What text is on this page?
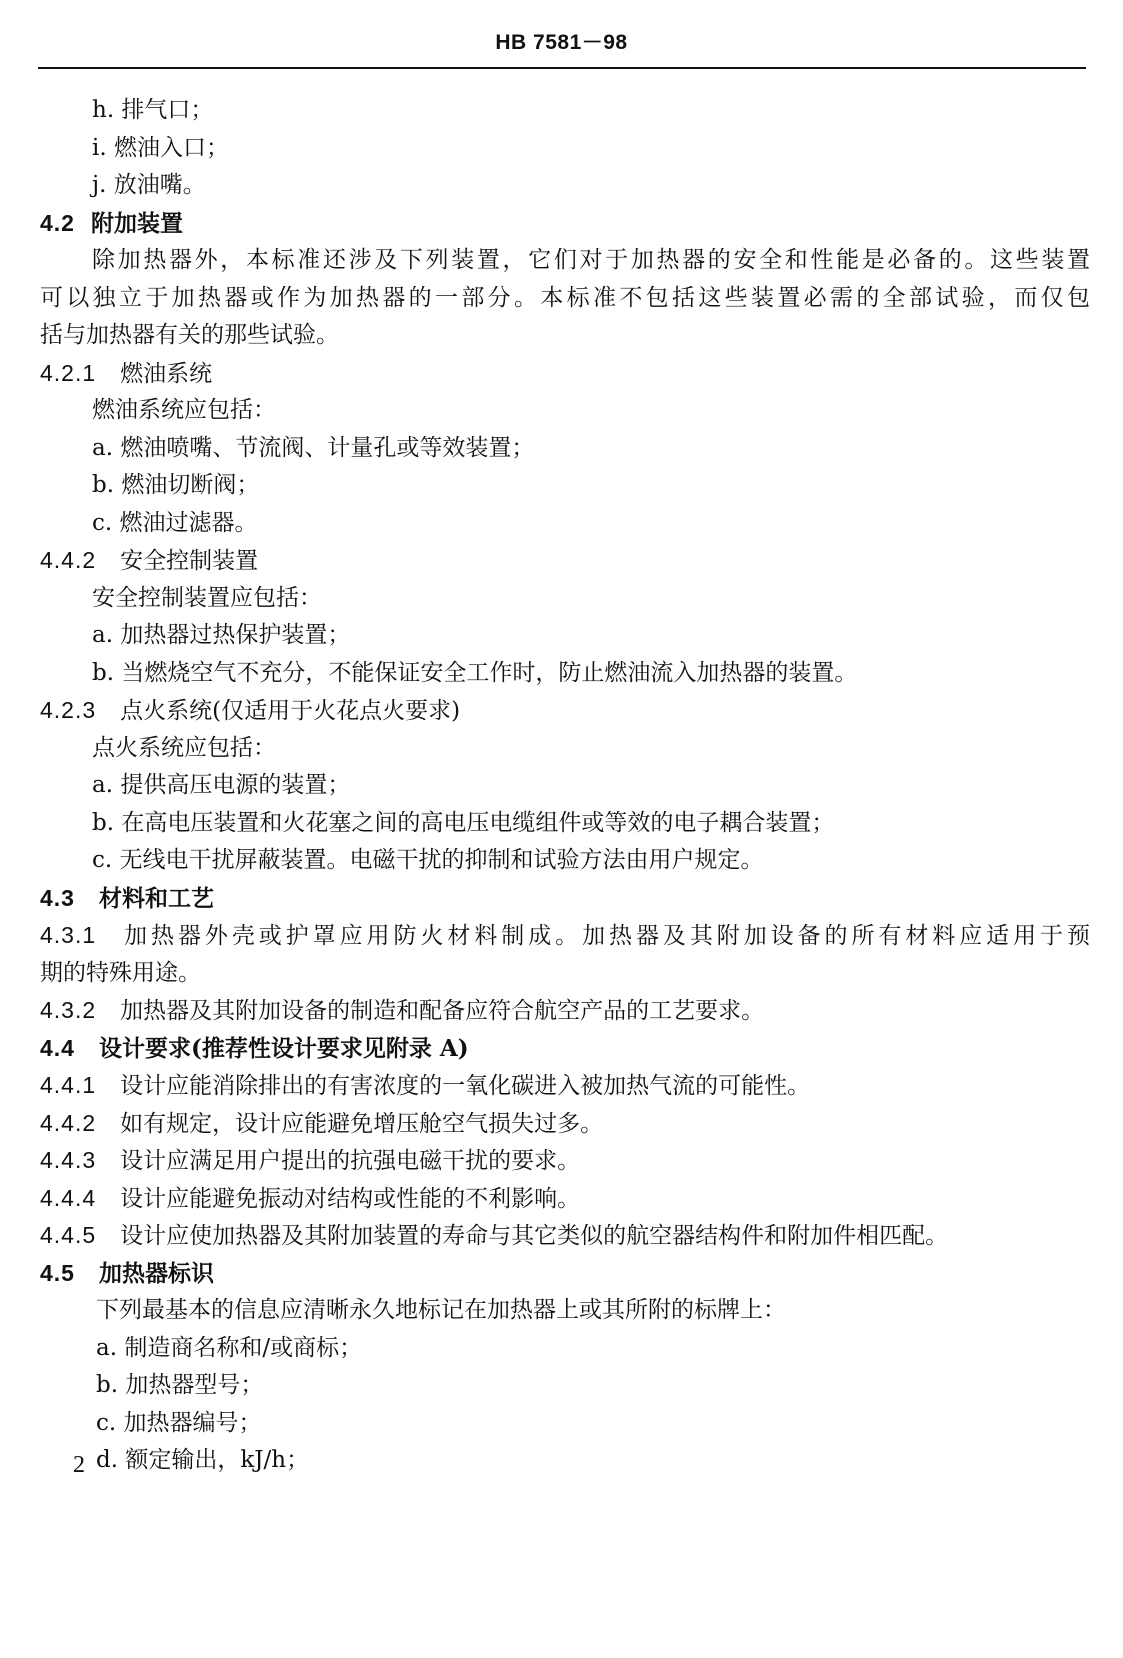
HB 7581－98
h. 排气口；
i. 燃油入口；
j. 放油嘴。
4.2 附加装置
除加热器外，本标准还涉及下列装置，它们对于加热器的安全和性能是必备的。这些装置
可以独立于加热器或作为加热器的一部分。本标准不包括这些装置必需的全部试验，而仅包
括与加热器有关的那些试验。
4.2.1 燃油系统
燃油系统应包括：
a. 燃油喷嘴、节流阀、计量孔或等效装置；
b. 燃油切断阀；
c. 燃油过滤器。
4.4.2 安全控制装置
安全控制装置应包括：
a. 加热器过热保护装置；
b. 当燃烧空气不充分，不能保证安全工作时，防止燃油流入加热器的装置。
4.2.3 点火系统(仅适用于火花点火要求)
点火系统应包括：
a. 提供高压电源的装置；
b. 在高电压装置和火花塞之间的高电压电缆组件或等效的电子耦合装置；
c. 无线电干扰屏蔽装置。电磁干扰的抑制和试验方法由用户规定。
4.3 材料和工艺
4.3.1 加热器外壳或护罩应用防火材料制成。加热器及其附加设备的所有材料应适用于预
期的特殊用途。
4.3.2 加热器及其附加设备的制造和配备应符合航空产品的工艺要求。
4.4 设计要求(推荐性设计要求见附录 A)
4.4.1 设计应能消除排出的有害浓度的一氧化碳进入被加热气流的可能性。
4.4.2 如有规定，设计应能避免增压舱空气损失过多。
4.4.3 设计应满足用户提出的抗强电磁干扰的要求。
4.4.4 设计应能避免振动对结构或性能的不利影响。
4.4.5 设计应使加热器及其附加装置的寿命与其它类似的航空器结构件和附加件相匹配。
4.5 加热器标识
下列最基本的信息应清晰永久地标记在加热器上或其所附的标牌上：
a. 制造商名称和/或商标；
b. 加热器型号；
c. 加热器编号；
d. 额定输出，kJ/h；
2
